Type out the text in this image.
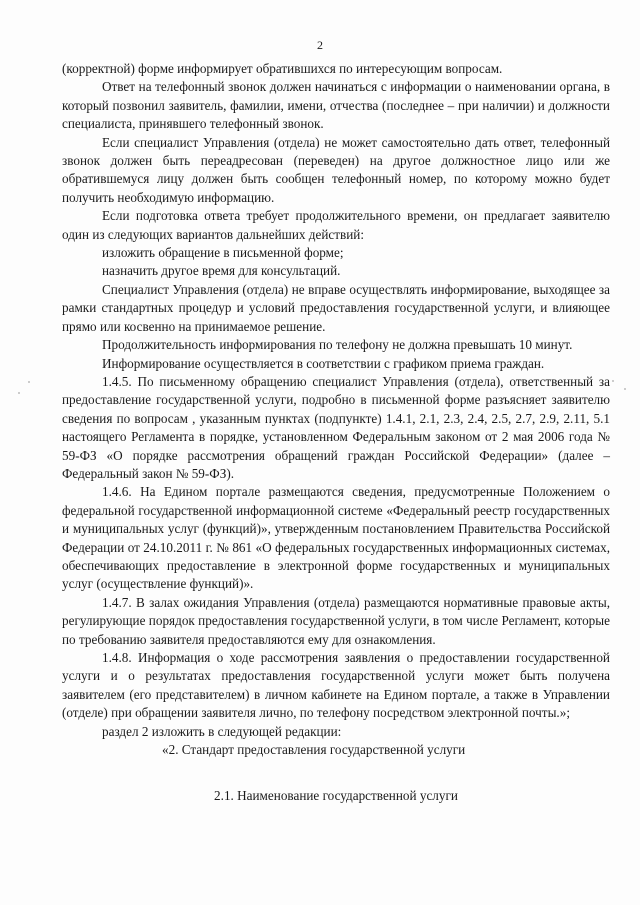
2

(корректной) форме информирует обратившихся по интересующим вопросам.

Ответ на телефонный звонок должен начинаться с информации о наименовании органа, в который позвонил заявитель, фамилии, имени, отчества (последнее – при наличии) и должности специалиста, принявшего телефонный звонок.

Если специалист Управления (отдела) не может самостоятельно дать ответ, телефонный звонок должен быть переадресован (переведен) на другое должностное лицо или же обратившемуся лицу должен быть сообщен телефонный номер, по которому можно будет получить необходимую информацию.

Если подготовка ответа требует продолжительного времени, он предлагает заявителю один из следующих вариантов дальнейших действий:

изложить обращение в письменной форме;

назначить другое время для консультаций.

Специалист Управления (отдела) не вправе осуществлять информирование, выходящее за рамки стандартных процедур и условий предоставления государственной услуги, и влияющее прямо или косвенно на принимаемое решение.

Продолжительность информирования по телефону не должна превышать 10 минут.

Информирование осуществляется в соответствии с графиком приема граждан.

1.4.5. По письменному обращению специалист Управления (отдела), ответственный за предоставление государственной услуги, подробно в письменной форме разъясняет заявителю сведения по вопросам , указанным пунктах (подпункте) 1.4.1, 2.1, 2.3, 2.4, 2.5, 2.7, 2.9, 2.11, 5.1 настоящего Регламента в порядке, установленном Федеральным законом от 2 мая 2006 года № 59-ФЗ «О порядке рассмотрения обращений граждан Российской Федерации» (далее – Федеральный закон № 59-ФЗ).

1.4.6. На Едином портале размещаются сведения, предусмотренные Положением о федеральной государственной информационной системе «Федеральный реестр государственных и муниципальных услуг (функций)», утвержденным постановлением Правительства Российской Федерации от 24.10.2011 г. № 861 «О федеральных государственных информационных системах, обеспечивающих предоставление в электронной форме государственных и муниципальных услуг (осуществление функций)».

1.4.7. В залах ожидания Управления (отдела) размещаются нормативные правовые акты, регулирующие порядок предоставления государственной услуги, в том числе Регламент, которые по требованию заявителя предоставляются ему для ознакомления.

1.4.8. Информация о ходе рассмотрения заявления о предоставлении государственной услуги и о результатах предоставления государственной услуги может быть получена заявителем (его представителем) в личном кабинете на Едином портале, а также в Управлении (отделе) при обращении заявителя лично, по телефону посредством электронной почты.»;

раздел 2 изложить в следующей редакции:

«2. Стандарт предоставления государственной услуги

2.1. Наименование государственной услуги
